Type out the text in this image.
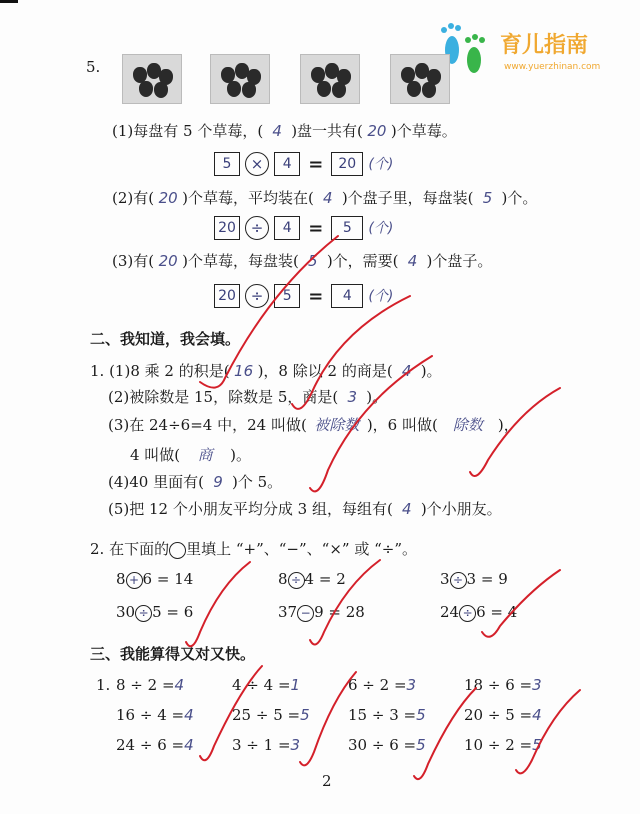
育儿指南
www.yuerzhinan.com
5.
(1)每盘有 5 个草莓，( 4 )盘一共有( 20 )个草莓。
5 × 4 = 20 (个)
(2)有( 20 )个草莓，平均装在( 4 )个盘子里，每盘装( 5 )个。
20 ÷ 4 = 5 (个)
(3)有( 20 )个草莓，每盘装( 5 )个，需要( 4 )个盘子。
20 ÷ 5 = 4 (个)
二、我知道，我会填。
1. (1)8 乘 2 的积是( 16 )，8 除以 2 的商是( 4 )。
(2)被除数是 15，除数是 5，商是( 3 )。
(3)在 24÷6=4 中，24 叫做( 被除数 )，6 叫做( 除数 )，
4 叫做( 商 )。
(4)40 里面有( 9 )个 5。
(5)把 12 个小朋友平均分成 3 组，每组有( 4 )个小朋友。
2. 在下面的 里填上 “+”、“−”、“×” 或 “÷”。
8 + 6 = 14	8 ÷ 4 = 2	3 ÷ 3 = 9
30 ÷ 5 = 6	37 − 9 = 28	24 ÷ 6 = 4
三、我能算得又对又快。
1. 8 ÷ 2 =4	4 ÷ 4 =1	6 ÷ 2 =3	18 ÷ 6 =3
16 ÷ 4 =4	25 ÷ 5 =5	15 ÷ 3 =5	20 ÷ 5 =4
24 ÷ 6 =4	3 ÷ 1 =3	30 ÷ 6 =5	10 ÷ 2 =5
2
